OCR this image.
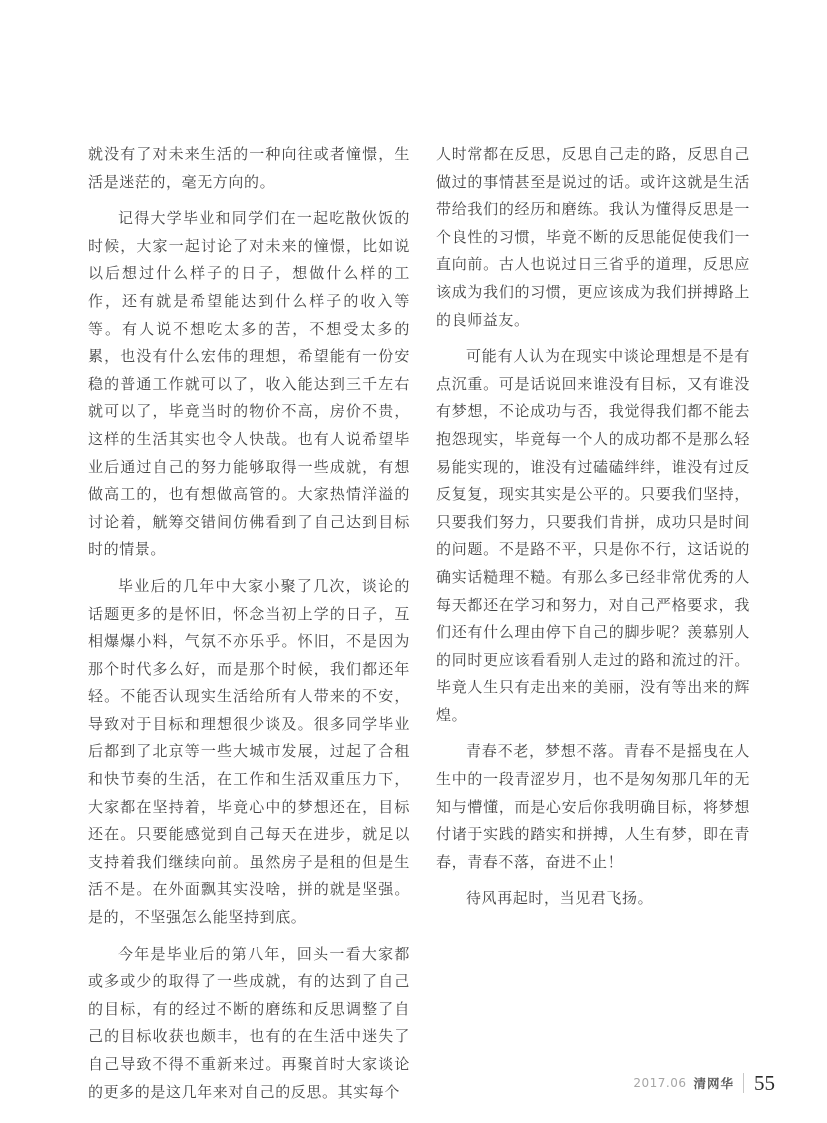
就没有了对未来生活的一种向往或者憧憬，生活是迷茫的，毫无方向的。

记得大学毕业和同学们在一起吃散伙饭的时候，大家一起讨论了对未来的憧憬，比如说以后想过什么样子的日子，想做什么样的工作，还有就是希望能达到什么样子的收入等等。有人说不想吃太多的苦，不想受太多的累，也没有什么宏伟的理想，希望能有一份安稳的普通工作就可以了，收入能达到三千左右就可以了，毕竟当时的物价不高，房价不贵，这样的生活其实也令人快哉。也有人说希望毕业后通过自己的努力能够取得一些成就，有想做高工的，也有想做高管的。大家热情洋溢的讨论着，觥筹交错间仿佛看到了自己达到目标时的情景。

毕业后的几年中大家小聚了几次，谈论的话题更多的是怀旧，怀念当初上学的日子，互相爆爆小料，气氛不亦乐乎。怀旧，不是因为那个时代多么好，而是那个时候，我们都还年轻。不能否认现实生活给所有人带来的不安，导致对于目标和理想很少谈及。很多同学毕业后都到了北京等一些大城市发展，过起了合租和快节奏的生活，在工作和生活双重压力下，大家都在坚持着，毕竟心中的梦想还在，目标还在。只要能感觉到自己每天在进步，就足以支持着我们继续向前。虽然房子是租的但是生活不是。在外面飘其实没啥，拼的就是坚强。是的，不坚强怎么能坚持到底。

今年是毕业后的第八年，回头一看大家都或多或少的取得了一些成就，有的达到了自己的目标，有的经过不断的磨练和反思调整了自己的目标收获也颇丰，也有的在生活中迷失了自己导致不得不重新来过。再聚首时大家谈论的更多的是这几年来对自己的反思。其实每个

人时常都在反思，反思自己走的路，反思自己做过的事情甚至是说过的话。或许这就是生活带给我们的经历和磨练。我认为懂得反思是一个良性的习惯，毕竟不断的反思能促使我们一直向前。古人也说过日三省乎的道理，反思应该成为我们的习惯，更应该成为我们拼搏路上的良师益友。

可能有人认为在现实中谈论理想是不是有点沉重。可是话说回来谁没有目标，又有谁没有梦想，不论成功与否，我觉得我们都不能去抱怨现实，毕竟每一个人的成功都不是那么轻易能实现的，谁没有过磕磕绊绊，谁没有过反反复复，现实其实是公平的。只要我们坚持，只要我们努力，只要我们肯拼，成功只是时间的问题。不是路不平，只是你不行，这话说的确实话糙理不糙。有那么多已经非常优秀的人每天都还在学习和努力，对自己严格要求，我们还有什么理由停下自己的脚步呢？羡慕别人的同时更应该看看别人走过的路和流过的汗。毕竟人生只有走出来的美丽，没有等出来的辉煌。

青春不老，梦想不落。青春不是摇曳在人生中的一段青涩岁月，也不是匆匆那几年的无知与懵懂，而是心安后你我明确目标，将梦想付诸于实践的踏实和拼搏，人生有梦，即在青春，青春不落，奋进不止！

待风再起时，当见君飞扬。

2017.06 清网华 55
